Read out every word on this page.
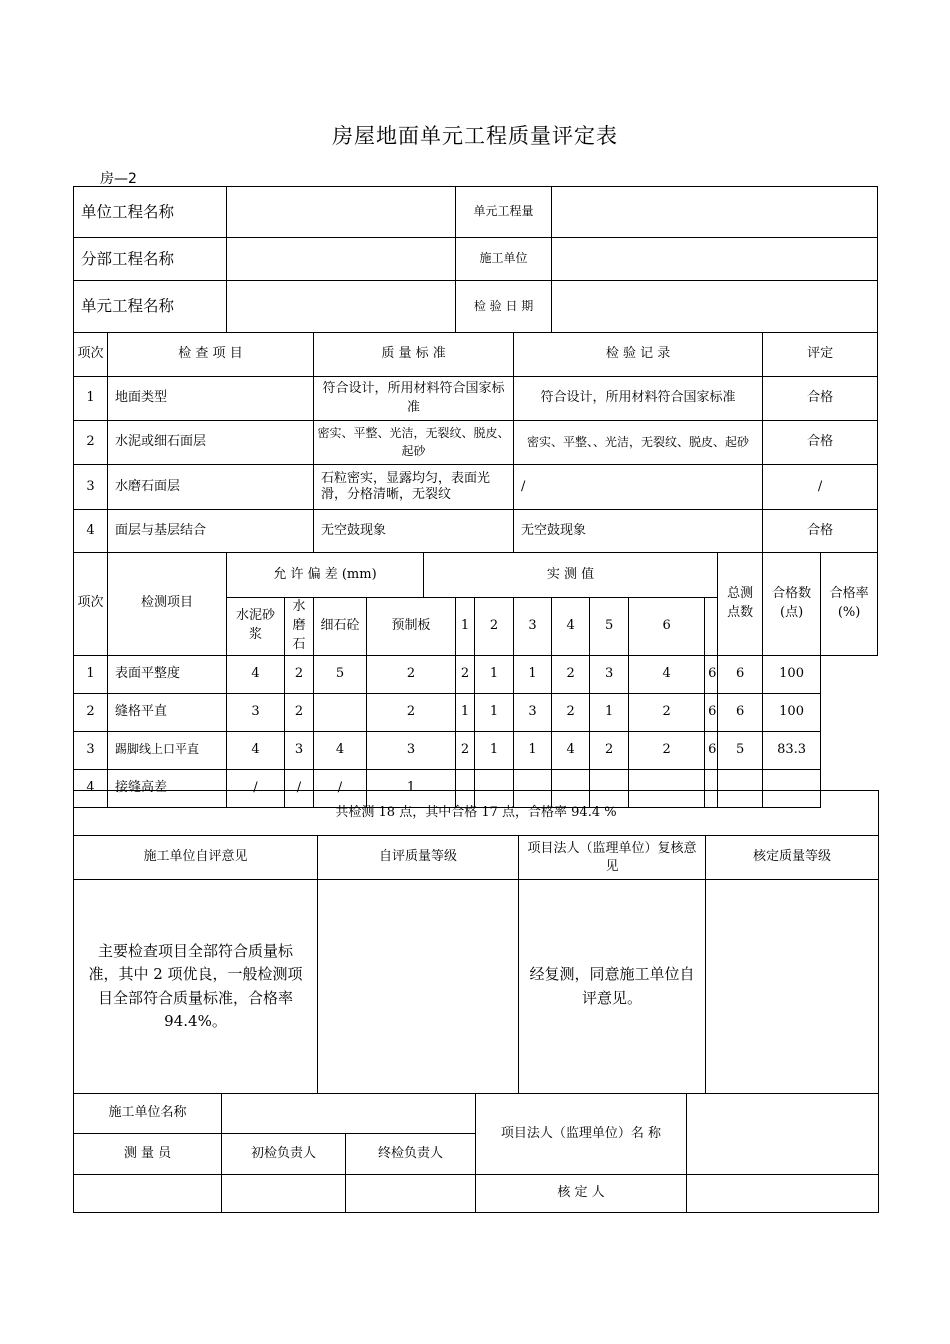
房屋地面单元工程质量评定表
房—2
单位工程名称							单元工程量									
分部工程名称							施工单位									
单元工程名称							检 验 日 期									
项次	检 查 项 目			质 量 标 准					检 验 记 录						评定	
1	地面类型			符合设计，所用材料符合国家标准					符合设计，所用材料符合国家标准						合格	
2	水泥或细石面层			密实、平整、光洁，无裂纹、脱皮、起砂					密实、平整、、光洁，无裂纹、脱皮、起砂						合格	
3	水磨石面层			石粒密实，显露均匀，表面光滑，分格清晰，无裂纹					/						/	
4	面层与基层结合			无空鼓现象					无空鼓现象						合格	
项次	检测项目	允 许 偏 差 (mm)				实 测 值								总测点数	合格数(点)	合格率(%)
		水泥砂浆	水磨石	细石砼	预制板		1	2	3	4	5	6				
1	表面平整度	4	2	5	2		2	1	1	2	3	4	6	6	100	
2	缝格平直	3	2		2		1	1	3	2	1	2	6	6	100	
3	踢脚线上口平直	4	3	4	3		2	1	1	4	2	2	6	5	83.3	
4	接缝高差	/	/	/	1											
共检测 18 点，其中合格 17 点，合格率 94.4 %			
施工单位自评意见	自评质量等级	项目法人（监理单位）复核意见	核定质量等级
主要检查项目全部符合质量标准，其中 2 项优良，一般检测项目全部符合质量标准，合格率 94.4%。		经复测，同意施工单位自评意见。	
施工单位名称			项目法人（监理单位）名 称	
测 量 员	初检负责人	终检负责人		
			核 定 人	
